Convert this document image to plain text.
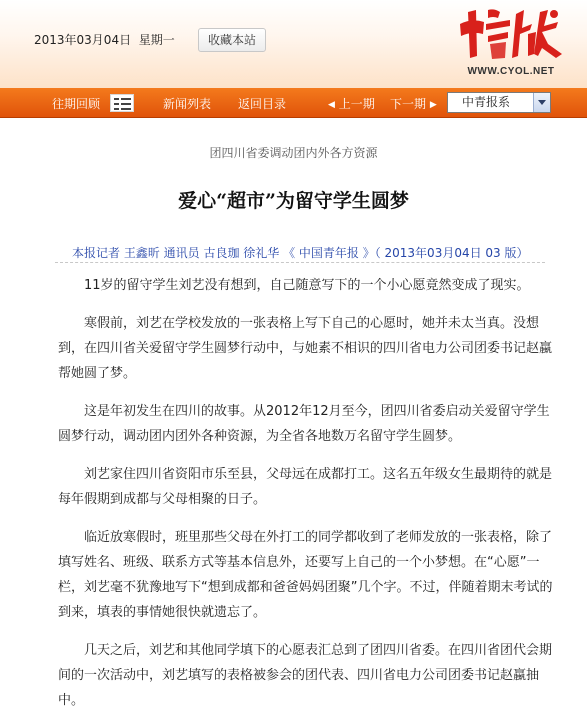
2013年03月04日 星期一	收藏本站
WWW.CYOL.NET
往期回顾	新闻列表 返回目录	◀ 上一期 下一期 ▶	中青报系
团四川省委调动团内外各方资源
爱心“超市”为留守学生圆梦
本报记者 王鑫昕 通讯员 古良珈 徐礼华 《 中国青年报 》（ 2013年03月04日 03 版）

11岁的留守学生刘艺没有想到，自己随意写下的一个小心愿竟然变成了现实。

寒假前，刘艺在学校发放的一张表格上写下自己的心愿时，她并未太当真。没想到，在四川省关爱留守学生圆梦行动中，与她素不相识的四川省电力公司团委书记赵蠃帮她圆了梦。

这是年初发生在四川的故事。从2012年12月至今，团四川省委启动关爱留守学生圆梦行动，调动团内团外各种资源，为全省各地数万名留守学生圆梦。

刘艺家住四川省资阳市乐至县，父母远在成都打工。这名五年级女生最期待的就是每年假期到成都与父母相聚的日子。

临近放寒假时，班里那些父母在外打工的同学都收到了老师发放的一张表格，除了填写姓名、班级、联系方式等基本信息外，还要写上自己的一个小梦想。在“心愿”一栏，刘艺毫不犹豫地写下“想到成都和爸爸妈妈团聚”几个字。不过，伴随着期末考试的到来，填表的事情她很快就遗忘了。

几天之后，刘艺和其他同学填下的心愿表汇总到了团四川省委。在四川省团代会期间的一次活动中，刘艺填写的表格被参会的团代表、四川省电力公司团委书记赵蠃抽中。
